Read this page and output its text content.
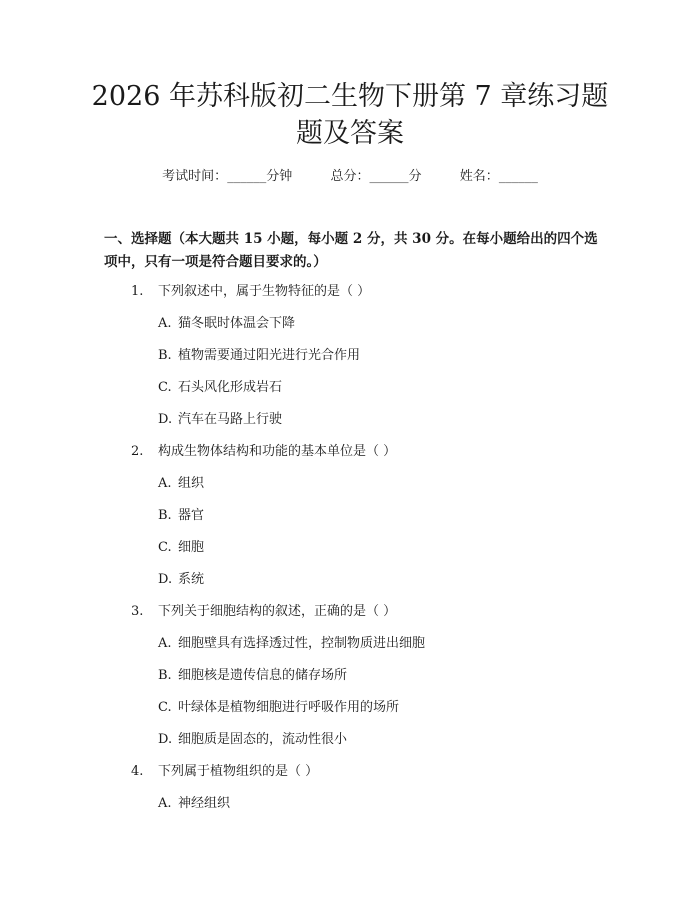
2026 年苏科版初二生物下册第 7 章练习题题及答案
考试时间：______分钟	总分：______分	姓名：______
一、选择题（本大题共 15 小题，每小题 2 分，共 30 分。在每小题给出的四个选项中，只有一项是符合题目要求的。）
1. 下列叙述中，属于生物特征的是（ ）
A. 猫冬眠时体温会下降
B. 植物需要通过阳光进行光合作用
C. 石头风化形成岩石
D. 汽车在马路上行驶
2. 构成生物体结构和功能的基本单位是（ ）
A. 组织
B. 器官
C. 细胞
D. 系统
3. 下列关于细胞结构的叙述，正确的是（ ）
A. 细胞壁具有选择透过性，控制物质进出细胞
B. 细胞核是遗传信息的储存场所
C. 叶绿体是植物细胞进行呼吸作用的场所
D. 细胞质是固态的，流动性很小
4. 下列属于植物组织的是（ ）
A. 神经组织
